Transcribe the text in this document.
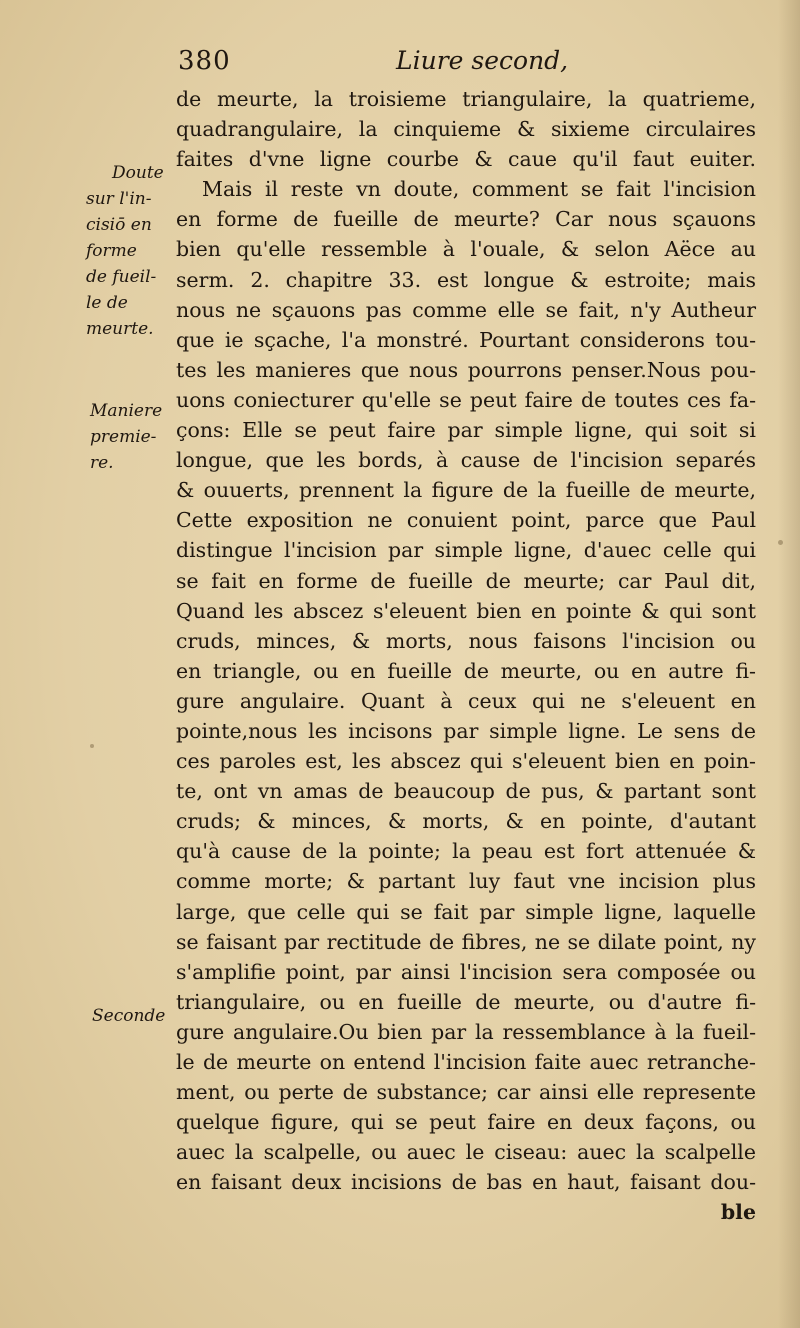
380	Liure second,
Doute
sur l'in-
cisiō en
forme
de fueil-
le de
meurte.
Maniere
premie-
re.
Seconde
de meurte, la troisieme triangulaire, la quatrieme,
quadrangulaire, la cinquieme & sixieme circulaires
faites d'vne ligne courbe & caue qu'il faut euiter.
Mais il reste vn doute, comment se fait l'incision
en forme de fueille de meurte? Car nous sçauons
bien qu'elle ressemble à l'ouale, & selon Aëce au
serm. 2. chapitre 33. est longue & estroite; mais
nous ne sçauons pas comme elle se fait, n'y Autheur
que ie sçache, l'a monstré. Pourtant considerons tou-
tes les manieres que nous pourrons penser.Nous pou-
uons coniecturer qu'elle se peut faire de toutes ces fa-
çons: Elle se peut faire par simple ligne, qui soit si
longue, que les bords, à cause de l'incision separés
& ouuerts, prennent la figure de la fueille de meurte,
Cette exposition ne conuient point, parce que Paul
distingue l'incision par simple ligne, d'auec celle qui
se fait en forme de fueille de meurte; car Paul dit,
Quand les abscez s'eleuent bien en pointe & qui sont
cruds, minces, & morts, nous faisons l'incision ou
en triangle, ou en fueille de meurte, ou en autre fi-
gure angulaire. Quant à ceux qui ne s'eleuent en
pointe,nous les incisons par simple ligne. Le sens de
ces paroles est, les abscez qui s'eleuent bien en poin-
te, ont vn amas de beaucoup de pus, & partant sont
cruds; & minces, & morts, & en pointe, d'autant
qu'à cause de la pointe; la peau est fort attenuée &
comme morte; & partant luy faut vne incision plus
large, que celle qui se fait par simple ligne, laquelle
se faisant par rectitude de fibres, ne se dilate point, ny
s'amplifie point, par ainsi l'incision sera composée ou
triangulaire, ou en fueille de meurte, ou d'autre fi-
gure angulaire.Ou bien par la ressemblance à la fueil-
le de meurte on entend l'incision faite auec retranche-
ment, ou perte de substance; car ainsi elle represente
quelque figure, qui se peut faire en deux façons, ou
auec la scalpelle, ou auec le ciseau: auec la scalpelle
en faisant deux incisions de bas en haut, faisant dou-
ble
